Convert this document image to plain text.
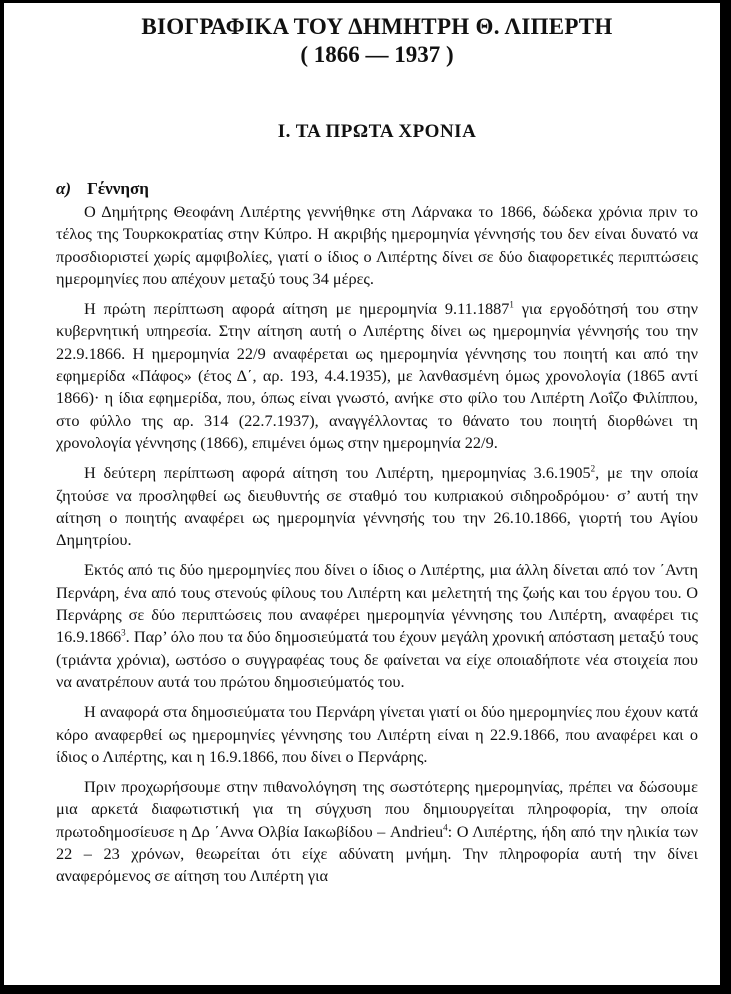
ΒΙΟΓΡΑΦΙΚΑ ΤΟΥ ΔΗΜΗΤΡΗ Θ. ΛΙΠΕΡΤΗ
( 1866 — 1937 )
Ι. ΤΑ ΠΡΩΤΑ ΧΡΟΝΙΑ
α) Γέννηση

Ο Δημήτρης Θεοφάνη Λιπέρτης γεννήθηκε στη Λάρνακα το 1866, δώδεκα χρόνια πριν το τέλος της Τουρκοκρατίας στην Κύπρο. Η ακριβής ημερομηνία γέννησής του δεν είναι δυνατό να προσδιοριστεί χωρίς αμφιβολίες, γιατί ο ίδιος ο Λιπέρτης δίνει σε δύο διαφορετικές περιπτώσεις ημερομηνίες που απέχουν μεταξύ τους 34 μέρες.

Η πρώτη περίπτωση αφορά αίτηση με ημερομηνία 9.11.1887$^1$ για εργοδότησή του στην κυβερνητική υπηρεσία. Στην αίτηση αυτή ο Λιπέρτης δίνει ως ημερομηνία γέννησής του την 22.9.1866. Η ημερομηνία 22/9 αναφέρεται ως ημερομηνία γέννησης του ποιητή και από την εφημερίδα «Πάφος» (έτος Δ΄, αρ. 193, 4.4.1935), με λανθασμένη όμως χρονολογία (1865 αντί 1866)· η ίδια εφημερίδα, που, όπως είναι γνωστό, ανήκε στο φίλο του Λιπέρτη Λοΐζο Φιλίππου, στο φύλλο της αρ. 314 (22.7.1937), αναγγέλλοντας το θάνατο του ποιητή διορθώνει τη χρονολογία γέννησης (1866), επιμένει όμως στην ημερομηνία 22/9.

Η δεύτερη περίπτωση αφορά αίτηση του Λιπέρτη, ημερομηνίας 3.6.1905$^2$, με την οποία ζητούσε να προσληφθεί ως διευθυντής σε σταθμό του κυπριακού σιδηροδρόμου· σ’ αυτή την αίτηση ο ποιητής αναφέρει ως ημερομηνία γέννησής του την 26.10.1866, γιορτή του Αγίου Δημητρίου.

Εκτός από τις δύο ημερομηνίες που δίνει ο ίδιος ο Λιπέρτης, μια άλλη δίνεται από τον ΄Αντη Περνάρη, ένα από τους στενούς φίλους του Λιπέρτη και μελετητή της ζωής και του έργου του. Ο Περνάρης σε δύο περιπτώσεις που αναφέρει ημερομηνία γέννησης του Λιπέρτη, αναφέρει τις 16.9.1866$^3$. Παρ’ όλο που τα δύο δημοσιεύματά του έχουν μεγάλη χρονική απόσταση μεταξύ τους (τριάντα χρόνια), ωστόσο ο συγγραφέας τους δε φαίνεται να είχε οποιαδήποτε νέα στοιχεία που να ανατρέπουν αυτά του πρώτου δημοσιεύματός του.

Η αναφορά στα δημοσιεύματα του Περνάρη γίνεται γιατί οι δύο ημερομηνίες που έχουν κατά κόρο αναφερθεί ως ημερομηνίες γέννησης του Λιπέρτη είναι η 22.9.1866, που αναφέρει και ο ίδιος ο Λιπέρτης, και η 16.9.1866, που δίνει ο Περνάρης.

Πριν προχωρήσουμε στην πιθανολόγηση της σωστότερης ημερομηνίας, πρέπει να δώσουμε μια αρκετά διαφωτιστική για τη σύγχυση που δημιουργείται πληροφορία, την οποία πρωτοδημοσίευσε η Δρ ΄Αννα Ολβία Ιακωβίδου – Andrieu$^4$: Ο Λιπέρτης, ήδη από την ηλικία των 22 – 23 χρόνων, θεωρείται ότι είχε αδύνατη μνήμη. Την πληροφορία αυτή την δίνει αναφερόμενος σε αίτηση του Λιπέρτη για
